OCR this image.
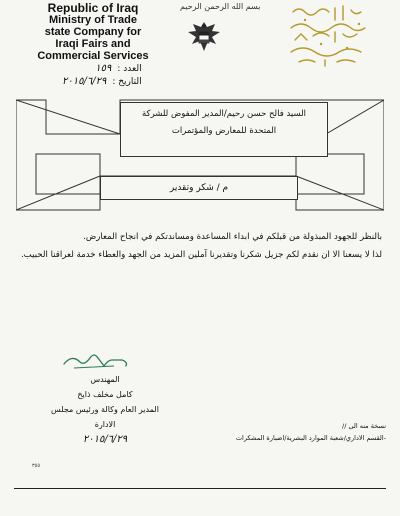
Republic of Iraq
Ministry of Trade
state Company for
Iraqi Fairs and
Commercial Services
بسم الله الرحمن الرحيم
العدد :
١٥٩
التاريخ :
٢٠١٥/٦/٢٩
السيد فالح حسن رحيم/المدير المفوض للشركة
المتحدة للمعارض والمؤتمرات
م / شكر وتقدير

بالنظر للجهود المبذولة من قبلكم في ابداء المساعدة ومساندتكم في انجاح المعارض.

لذا لا يسعنا الا ان نقدم لكم جزيل شكرنا وتقديرنا آملين المزيد من الجهد والعطاء خدمة لعراقنا الحبيب.

المهندس
كامل مخلف ذايخ
المدير العام وكالة ورئيس مجلس الادارة
٢٠١٥/٦/٢٩
نسخة منه الى //
-القسم الاداري/شعبة الموارد البشرية/اضبارة المشكرات
٣٥٥
